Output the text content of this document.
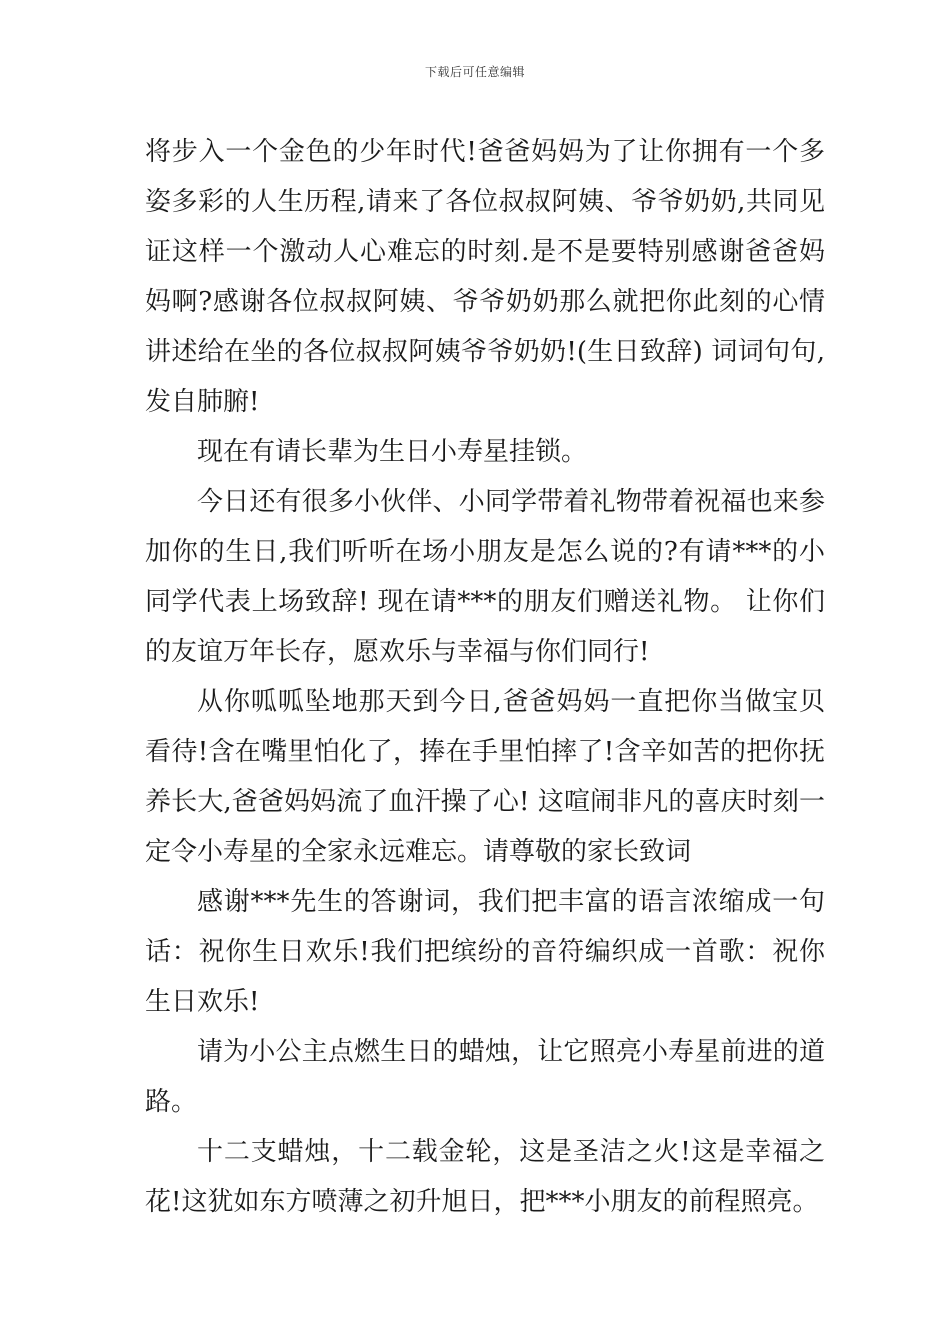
下载后可任意编辑

将步入一个金色的少年时代!爸爸妈妈为了让你拥有一个多姿多彩的人生历程,请来了各位叔叔阿姨、爷爷奶奶,共同见证这样一个激动人心难忘的时刻.是不是要特别感谢爸爸妈妈啊?感谢各位叔叔阿姨、爷爷奶奶那么就把你此刻的心情讲述给在坐的各位叔叔阿姨爷爷奶奶!(生日致辞) 词词句句,发自肺腑!

现在有请长辈为生日小寿星挂锁。

今日还有很多小伙伴、小同学带着礼物带着祝福也来参加你的生日,我们听听在场小朋友是怎么说的?有请***的小同学代表上场致辞! 现在请***的朋友们赠送礼物。 让你们的友谊万年长存，愿欢乐与幸福与你们同行!

从你呱呱坠地那天到今日,爸爸妈妈一直把你当做宝贝看待!含在嘴里怕化了，捧在手里怕摔了!含辛如苦的把你抚养长大,爸爸妈妈流了血汗操了心! 这喧闹非凡的喜庆时刻一定令小寿星的全家永远难忘。请尊敬的家长致词

感谢***先生的答谢词，我们把丰富的语言浓缩成一句话：祝你生日欢乐!我们把缤纷的音符编织成一首歌：祝你生日欢乐!

请为小公主点燃生日的蜡烛，让它照亮小寿星前进的道路。

十二支蜡烛，十二载金轮，这是圣洁之火!这是幸福之花!这犹如东方喷薄之初升旭日，把***小朋友的前程照亮。
